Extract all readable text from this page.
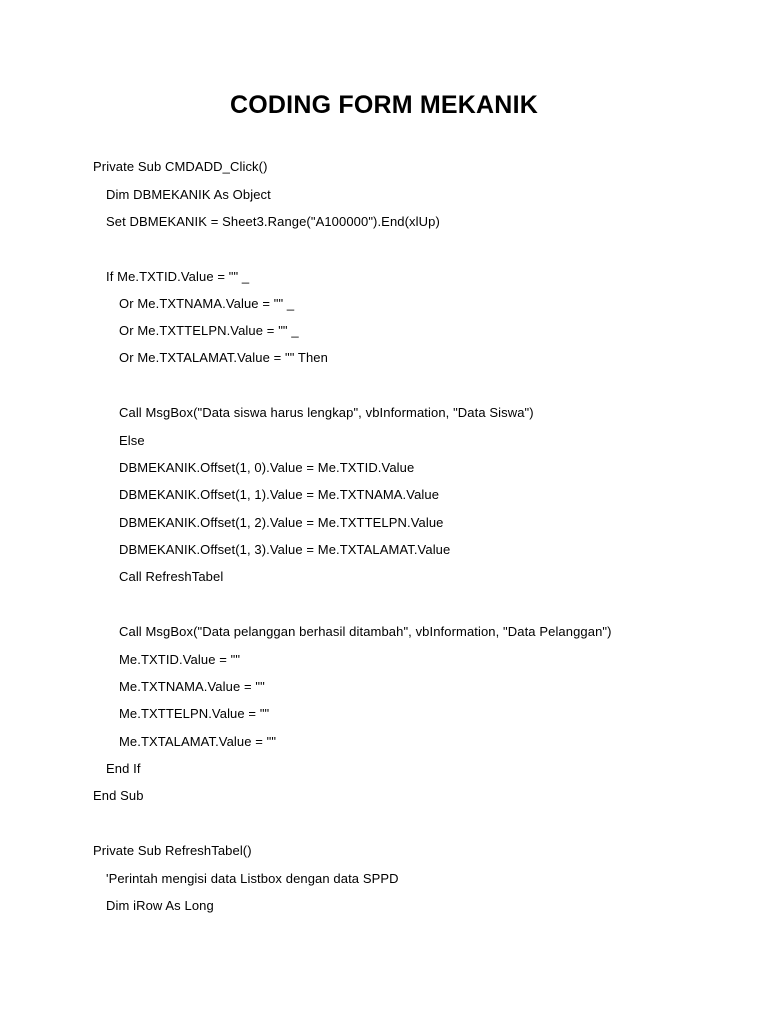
CODING FORM MEKANIK
Private Sub CMDADD_Click()
Dim DBMEKANIK As Object
Set DBMEKANIK = Sheet3.Range("A100000").End(xlUp)
If Me.TXTID.Value = "" _
Or Me.TXTNAMA.Value = "" _
Or Me.TXTTELPN.Value = "" _
Or Me.TXTALAMAT.Value = "" Then
Call MsgBox("Data siswa harus lengkap", vbInformation, "Data Siswa")
Else
DBMEKANIK.Offset(1, 0).Value = Me.TXTID.Value
DBMEKANIK.Offset(1, 1).Value = Me.TXTNAMA.Value
DBMEKANIK.Offset(1, 2).Value = Me.TXTTELPN.Value
DBMEKANIK.Offset(1, 3).Value = Me.TXTALAMAT.Value
Call RefreshTabel
Call MsgBox("Data pelanggan berhasil ditambah", vbInformation, "Data Pelanggan")
Me.TXTID.Value = ""
Me.TXTNAMA.Value = ""
Me.TXTTELPN.Value = ""
Me.TXTALAMAT.Value = ""
End If
End Sub
Private Sub RefreshTabel()
'Perintah mengisi data Listbox dengan data SPPD
Dim iRow As Long
